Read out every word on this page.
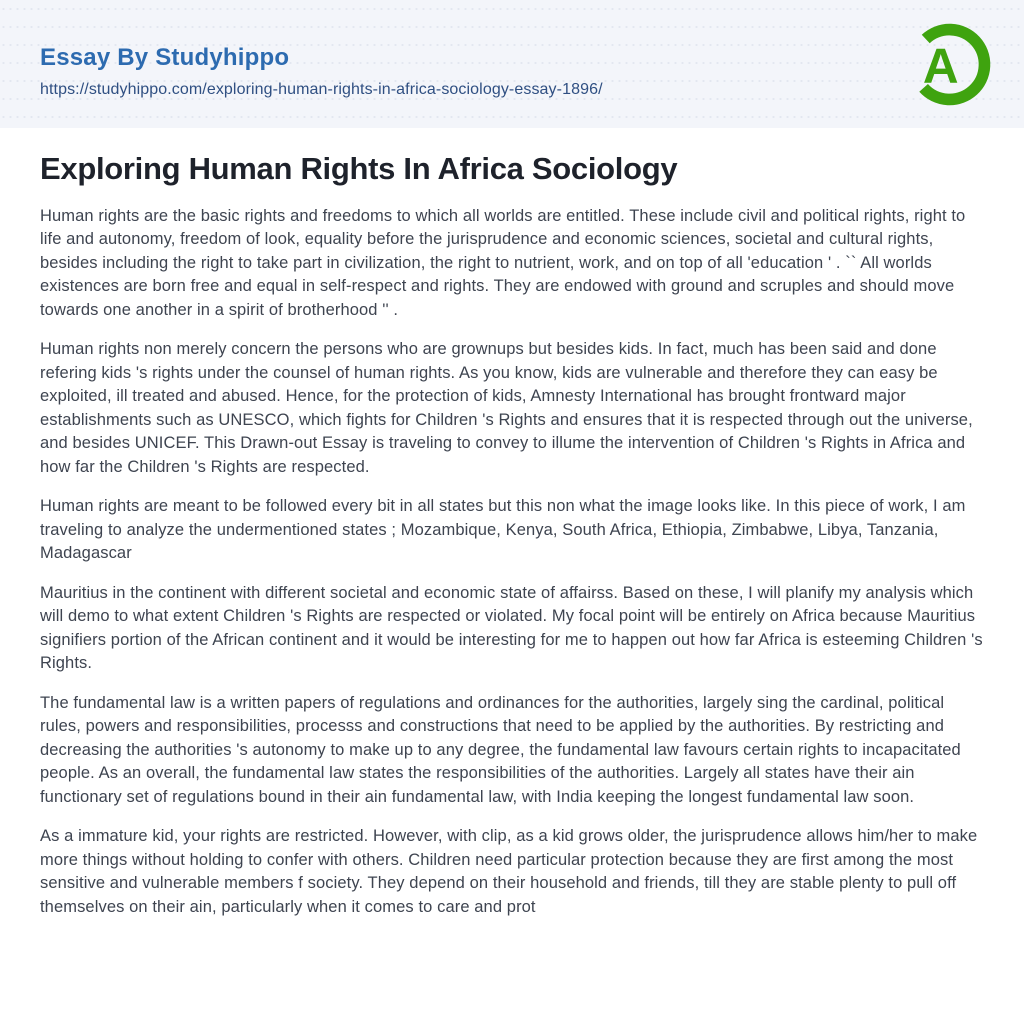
Essay By Studyhippo
https://studyhippo.com/exploring-human-rights-in-africa-sociology-essay-1896/	A
Exploring Human Rights In Africa Sociology

Human rights are the basic rights and freedoms to which all worlds are entitled. These include civil and political rights, right to life and autonomy, freedom of look, equality before the jurisprudence and economic sciences, societal and cultural rights, besides including the right to take part in civilization, the right to nutrient, work, and on top of all 'education ' . `` All worlds existences are born free and equal in self-respect and rights. They are endowed with ground and scruples and should move towards one another in a spirit of brotherhood '' .

Human rights non merely concern the persons who are grownups but besides kids. In fact, much has been said and done refering kids 's rights under the counsel of human rights. As you know, kids are vulnerable and therefore they can easy be exploited, ill treated and abused. Hence, for the protection of kids, Amnesty International has brought frontward major establishments such as UNESCO, which fights for Children 's Rights and ensures that it is respected through out the universe, and besides UNICEF. This Drawn-out Essay is traveling to convey to illume the intervention of Children 's Rights in Africa and how far the Children 's Rights are respected.

Human rights are meant to be followed every bit in all states but this non what the image looks like. In this piece of work, I am traveling to analyze the undermentioned states ; Mozambique, Kenya, South Africa, Ethiopia, Zimbabwe, Libya, Tanzania, Madagascar

Mauritius in the continent with different societal and economic state of affairss. Based on these, I will planify my analysis which will demo to what extent Children 's Rights are respected or violated. My focal point will be entirely on Africa because Mauritius signifiers portion of the African continent and it would be interesting for me to happen out how far Africa is esteeming Children 's Rights.

The fundamental law is a written papers of regulations and ordinances for the authorities, largely sing the cardinal, political rules, powers and responsibilities, processs and constructions that need to be applied by the authorities. By restricting and decreasing the authorities 's autonomy to make up to any degree, the fundamental law favours certain rights to incapacitated people. As an overall, the fundamental law states the responsibilities of the authorities. Largely all states have their ain functionary set of regulations bound in their ain fundamental law, with India keeping the longest fundamental law soon.

As a immature kid, your rights are restricted. However, with clip, as a kid grows older, the jurisprudence allows him/her to make more things without holding to confer with others. Children need particular protection because they are first among the most sensitive and vulnerable members f society. They depend on their household and friends, till they are stable plenty to pull off themselves on their ain, particularly when it comes to care and prot
